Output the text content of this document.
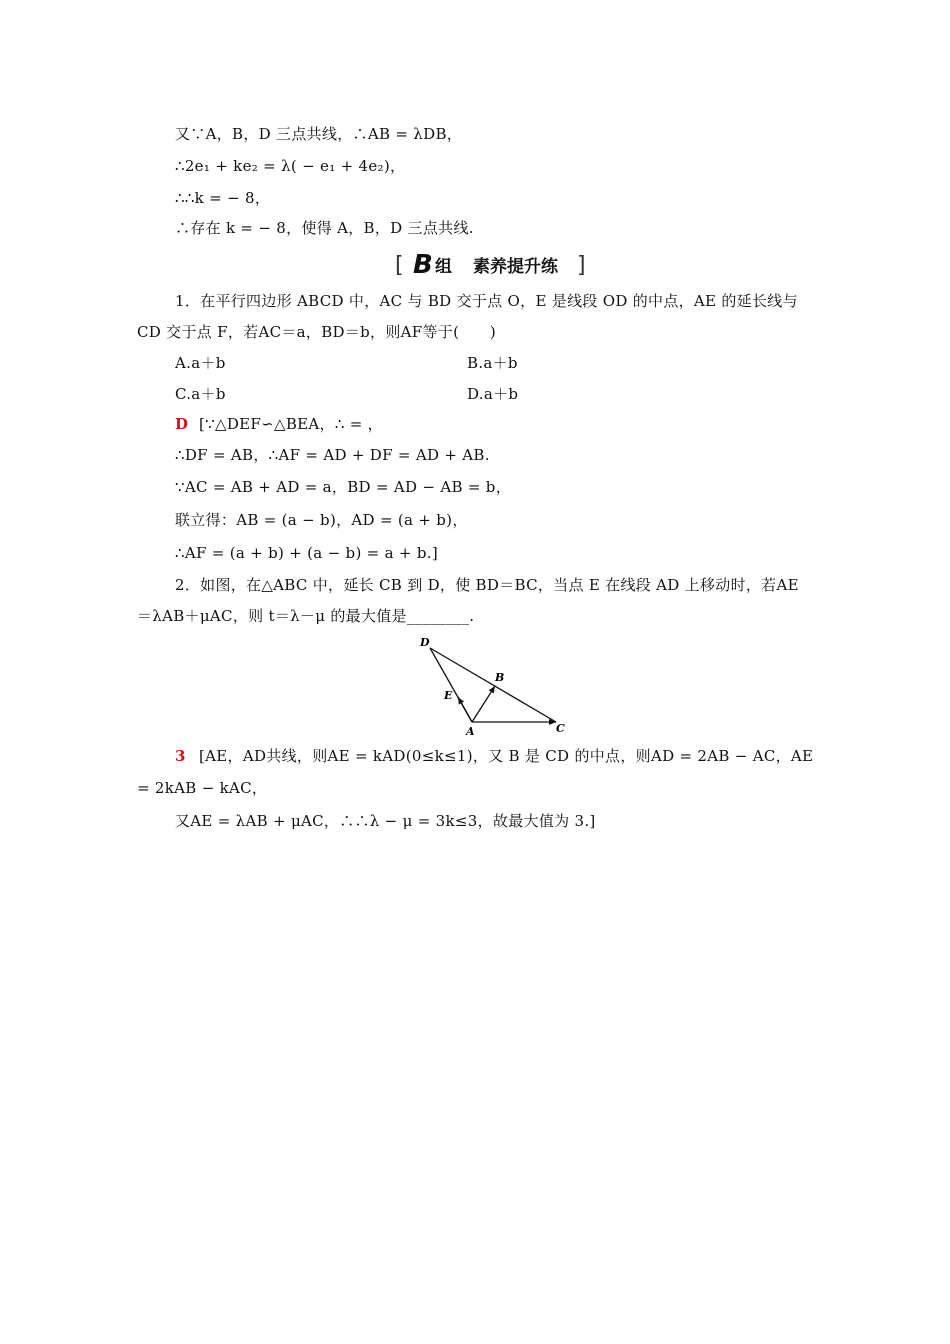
又∵A，B，D 三点共线，∴AB = λDB，
∴2e₁ + ke₂ = λ( − e₁ + 4e₂)，
∴∴k = − 8，
∴存在 k = − 8，使得 A，B，D 三点共线.
[ B 组 素养提升练 ]
1．在平行四边形 ABCD 中，AC 与 BD 交于点 O，E 是线段 OD 的中点，AE 的延长线与
CD 交于点 F，若AC＝a，BD＝b，则AF等于(　　)
A.a＋b	B.a＋b
C.a＋b	D.a＋b
D [∵△DEF∽△BEA，∴ = ，
∴DF = AB，∴AF = AD + DF = AD + AB.
∵AC = AB + AD = a，BD = AD − AB = b，
联立得：AB = (a − b)，AD = (a + b)，
∴AF = (a + b) + (a − b) = a + b.]
2．如图，在△ABC 中，延长 CB 到 D，使 BD＝BC，当点 E 在线段 AD 上移动时，若AE
＝λAB＋μAC，则 t＝λ－μ 的最大值是________.
D
B
E
A	C
3 [AE，AD共线，则AE = kAD(0≤k≤1)，又 B 是 CD 的中点，则AD = 2AB − AC，AE
= 2kAB − kAC，
又AE = λAB + μAC，∴∴λ − μ = 3k≤3，故最大值为 3.]
